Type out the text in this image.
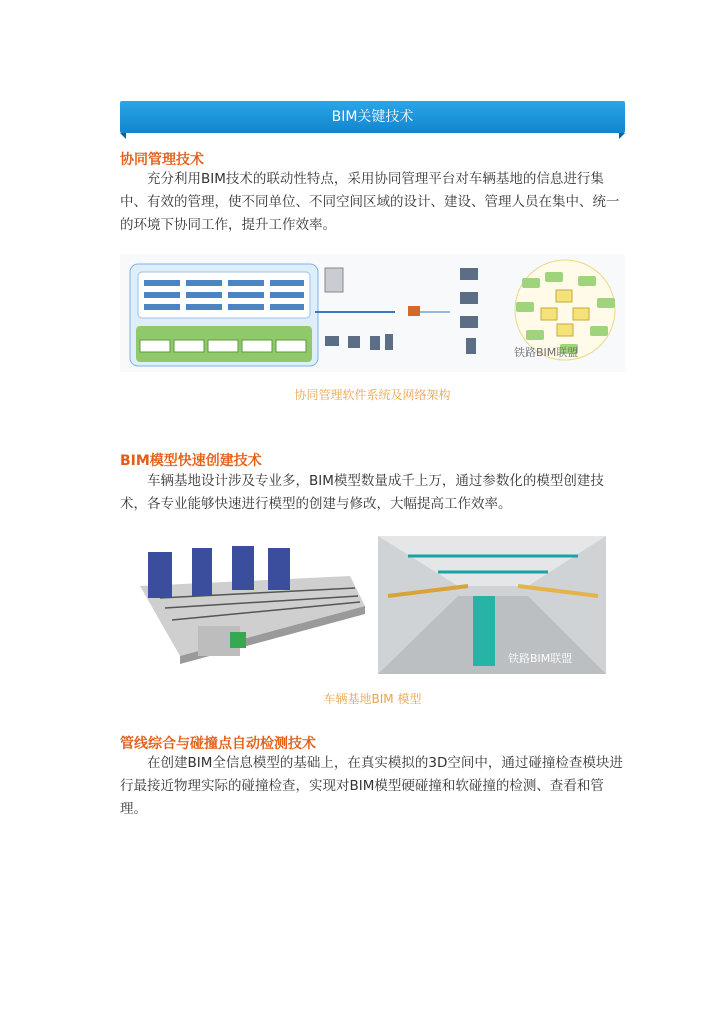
BIM关键技术
协同管理技术
充分利用BIM技术的联动性特点，采用协同管理平台对车辆基地的信息进行集中、有效的管理，使不同单位、不同空间区域的设计、建设、管理人员在集中、统一的环境下协同工作，提升工作效率。
铁路BIM联盟
协同管理软件系统及网络架构
BIM模型快速创建技术
车辆基地设计涉及专业多，BIM模型数量成千上万，通过参数化的模型创建技术，各专业能够快速进行模型的创建与修改，大幅提高工作效率。
铁路BIM联盟
车辆基地BIM 模型
管线综合与碰撞点自动检测技术
在创建BIM全信息模型的基础上，在真实模拟的3D空间中，通过碰撞检查模块进行最接近物理实际的碰撞检查，实现对BIM模型硬碰撞和软碰撞的检测、查看和管理。
